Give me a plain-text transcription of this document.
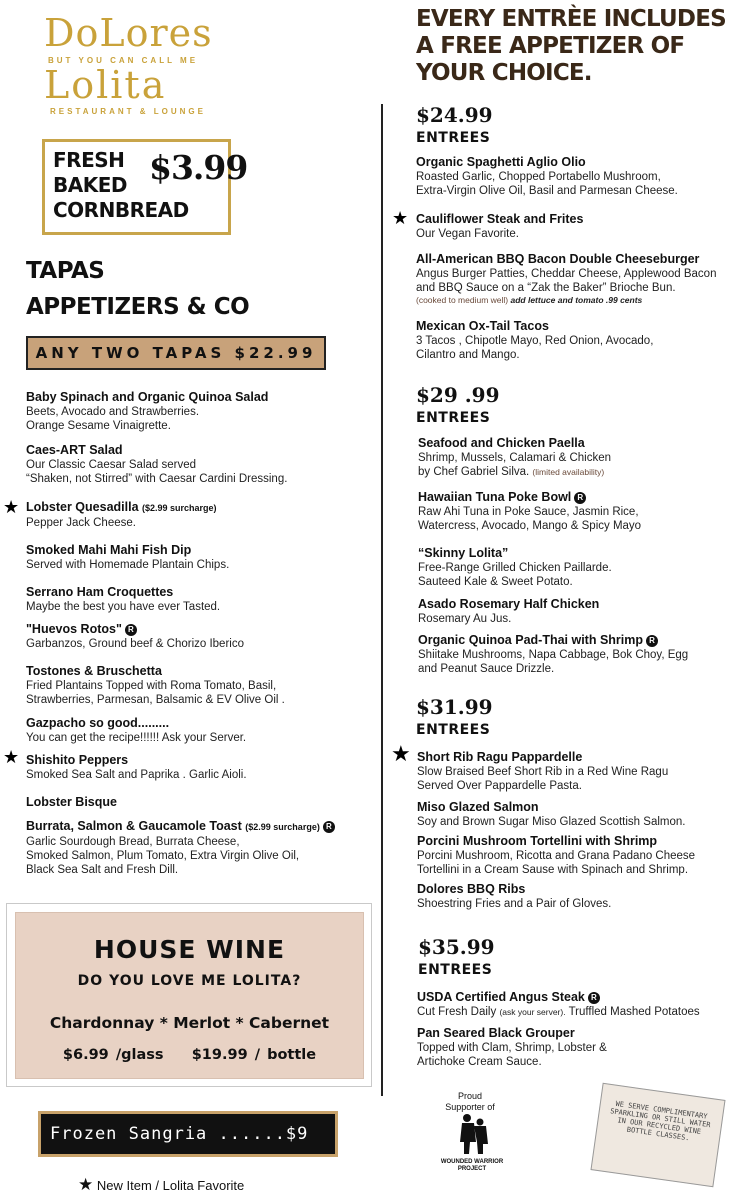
DoLores
BUT YOU CAN CALL ME
Lolita
RESTAURANT & LOUNGE
FRESH
BAKED
CORNBREAD
$3.99
TAPAS
APPETIZERS & CO
ANY TWO TAPAS $22.99
Baby Spinach and Organic Quinoa Salad
Beets, Avocado and Strawberries.
Orange Sesame Vinaigrette.
Caes-ART Salad
Our Classic Caesar Salad served
“Shaken, not Stirred” with Caesar Cardini Dressing.
★ Lobster Quesadilla ($2.99 surcharge)
Pepper Jack Cheese.
Smoked Mahi Mahi Fish Dip
Served with Homemade Plantain Chips.
Serrano Ham Croquettes
Maybe the best you have ever Tasted.
"Huevos Rotos" R
Garbanzos, Ground beef & Chorizo Iberico
Tostones & Bruschetta
Fried Plantains Topped with Roma Tomato, Basil,
Strawberries, Parmesan, Balsamic & EV Olive Oil .
Gazpacho so good.........
You can get the recipe!!!!!! Ask your Server.
★ Shishito Peppers
Smoked Sea Salt and Paprika . Garlic Aioli.
Lobster Bisque
Burrata, Salmon & Gaucamole Toast ($2.99 surcharge) R
Garlic Sourdough Bread, Burrata Cheese,
Smoked Salmon, Plum Tomato, Extra Virgin Olive Oil,
Black Sea Salt and Fresh Dill.
HOUSE WINE
DO YOU LOVE ME LOLITA?
Chardonnay * Merlot * Cabernet
$6.99 /glass $19.99 / bottle
Frozen Sangria ......$9 $^{glass}$
★ New Item / Lolita Favorite
EVERY ENTRÈE INCLUDES
A FREE APPETIZER OF
YOUR CHOICE.
$24.99
ENTREES
Organic Spaghetti Aglio Olio
Roasted Garlic, Chopped Portabello Mushroom,
Extra-Virgin Olive Oil, Basil and Parmesan Cheese.
★ Cauliflower Steak and Frites
Our Vegan Favorite.
All-American BBQ Bacon Double Cheeseburger
Angus Burger Patties, Cheddar Cheese, Applewood Bacon
and BBQ Sauce on a “Zak the Baker” Brioche Bun.
(cooked to medium well) add lettuce and tomato .99 cents
Mexican Ox-Tail Tacos
3 Tacos , Chipotle Mayo, Red Onion, Avocado,
Cilantro and Mango.
$29 .99
ENTREES
Seafood and Chicken Paella
Shrimp, Mussels, Calamari & Chicken
by Chef Gabriel Silva. (limited availability)
Hawaiian Tuna Poke Bowl R
Raw Ahi Tuna in Poke Sauce, Jasmin Rice,
Watercress, Avocado, Mango & Spicy Mayo
“Skinny Lolita”
Free-Range Grilled Chicken Paillarde.
Sauteed Kale & Sweet Potato.
Asado Rosemary Half Chicken
Rosemary Au Jus.
Organic Quinoa Pad-Thai with Shrimp R
Shiitake Mushrooms, Napa Cabbage, Bok Choy, Egg
and Peanut Sauce Drizzle.
$31.99
ENTREES
★ Short Rib Ragu Pappardelle
Slow Braised Beef Short Rib in a Red Wine Ragu
Served Over Pappardelle Pasta.
Miso Glazed Salmon
Soy and Brown Sugar Miso Glazed Scottish Salmon.
Porcini Mushroom Tortellini with Shrimp
Porcini Mushroom, Ricotta and Grana Padano Cheese
Tortellini in a Cream Sause with Spinach and Shrimp.
Dolores BBQ Ribs
Shoestring Fries and a Pair of Gloves.
$35.99
ENTREES
USDA Certified Angus Steak R
Cut Fresh Daily (ask your server). Truffled Mashed Potatoes
Pan Seared Black Grouper
Topped with Clam, Shrimp, Lobster &
Artichoke Cream Sauce.
Proud
Supporter of
WOUNDED WARRIOR
PROJECT
WE SERVE COMPLIMENTARY SPARKLING OR STILL WATER IN OUR RECYCLED WINE BOTTLE CLASSES.
